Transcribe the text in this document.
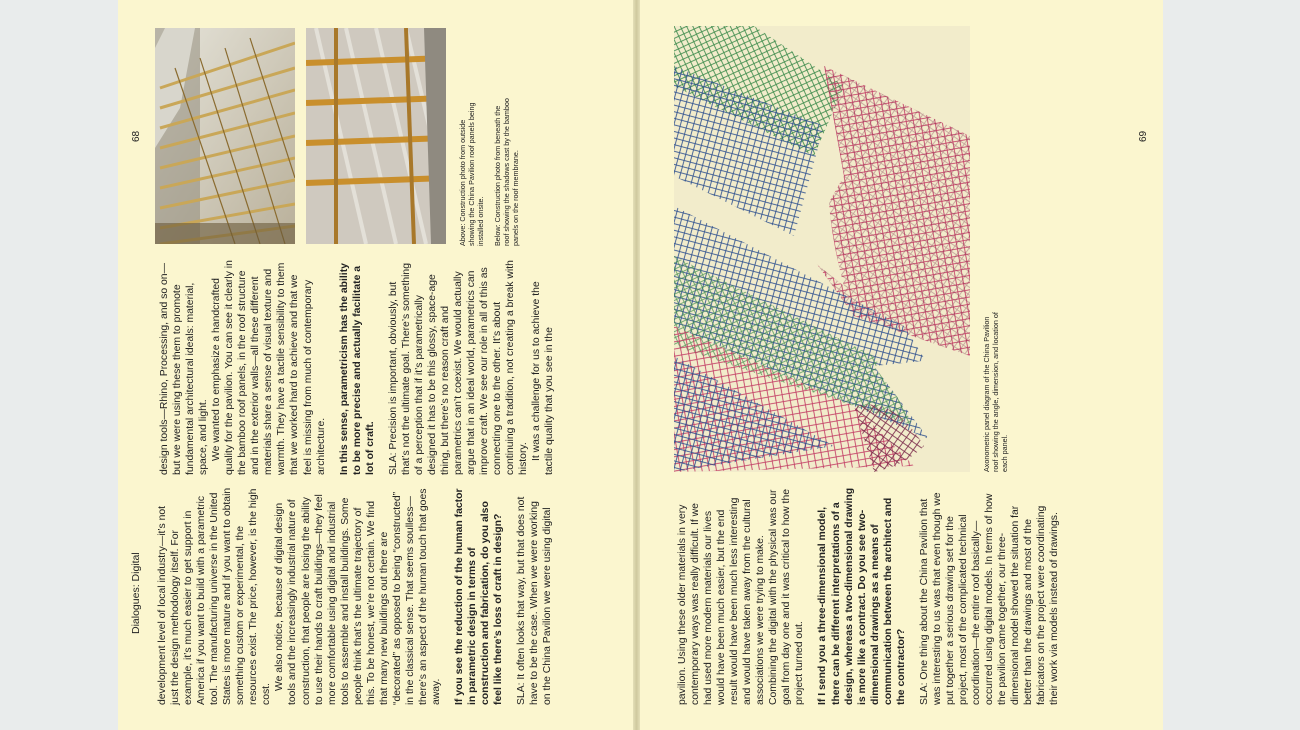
Dialogues: Digital
68	Above: Construction photo from outside showing the China Pavilion roof panels being installed onsite. Below: Construction photo from beneath the roof showing the shadows cast by the bamboo panels on the roof membrane.

development level of local industry—it’s not just the design methodology itself. For example, it’s much easier to get support in America if you want to build with a parametric tool. The manufacturing universe in the United States is more mature and if you want to obtain something custom or experimental, the resources exist. The price, however, is the high cost.

We also notice, because of digital design tools and the increasingly industrial nature of construction, that people are losing the ability to use their hands to craft buildings—they feel more comfortable using digital and industrial tools to assemble and install buildings. Some people think that’s the ultimate trajectory of this. To be honest, we’re not certain. We find that many new buildings out there are “decorated” as opposed to being “constructed” in the classical sense. That seems soulless—there’s an aspect of the human touch that goes away. If you see the reduction of the human factor in parametric design in terms of construction and fabrication, do you also feel like there’s loss of craft in design? SLA: It often looks that way, but that does not have to be the case. When we were working on the China Pavilion we were using digital

69

Axonometric panel diagram of the China Pavilion roof showing the angle, dimension, and location of each panel.

pavilion. Using these older materials in very contemporary ways was really difficult. If we had used more modern materials our lives would have been much easier, but the end result would have been much less interesting and would have taken away from the cultural associations we were trying to make. Combining the digital with the physical was our goal from day one and it was critical to how the project turned out. If I send you a three-dimensional model, there can be different interpretations of a design, whereas a two-dimensional drawing is more like a contract. Do you see two-dimensional drawings as a means of communication between the architect and the contractor? SLA: One thing about the China Pavilion that was interesting to us was that even though we put together a serious drawing set for the project, most of the complicated technical coordination—the entire roof basically—occurred using digital models. In terms of how the pavilion came together, our three-dimensional model showed the situation far better than the drawings and most of the fabricators on the project were coordinating their work via models instead of drawings.

design tools—Rhino, Processing, and so on—but we were using these them to promote fundamental architectural ideals: material, space, and light. We wanted to emphasize a handcrafted quality for the pavilion. You can see it clearly in the bamboo roof panels, in the roof structure and in the exterior walls—all these different materials share a sense of visual texture and warmth. They have a tactile sensibility to them that we worked hard to achieve and that we feel is missing from much of contemporary architecture. In this sense, parametricism has the ability to be more precise and actually facilitate a lot of craft. SLA: Precision is important, obviously, but that’s not the ultimate goal. There’s something of a perception that if it’s parametrically designed it has to be this glossy, space-age thing, but there’s no reason craft and parametrics can’t coexist. We would actually argue that in an ideal world, parametrics can improve craft. We see our role in all of this as connecting one to the other. It’s about continuing a tradition, not creating a break with history. It was a challenge for us to achieve the tactile quality that you see in the
